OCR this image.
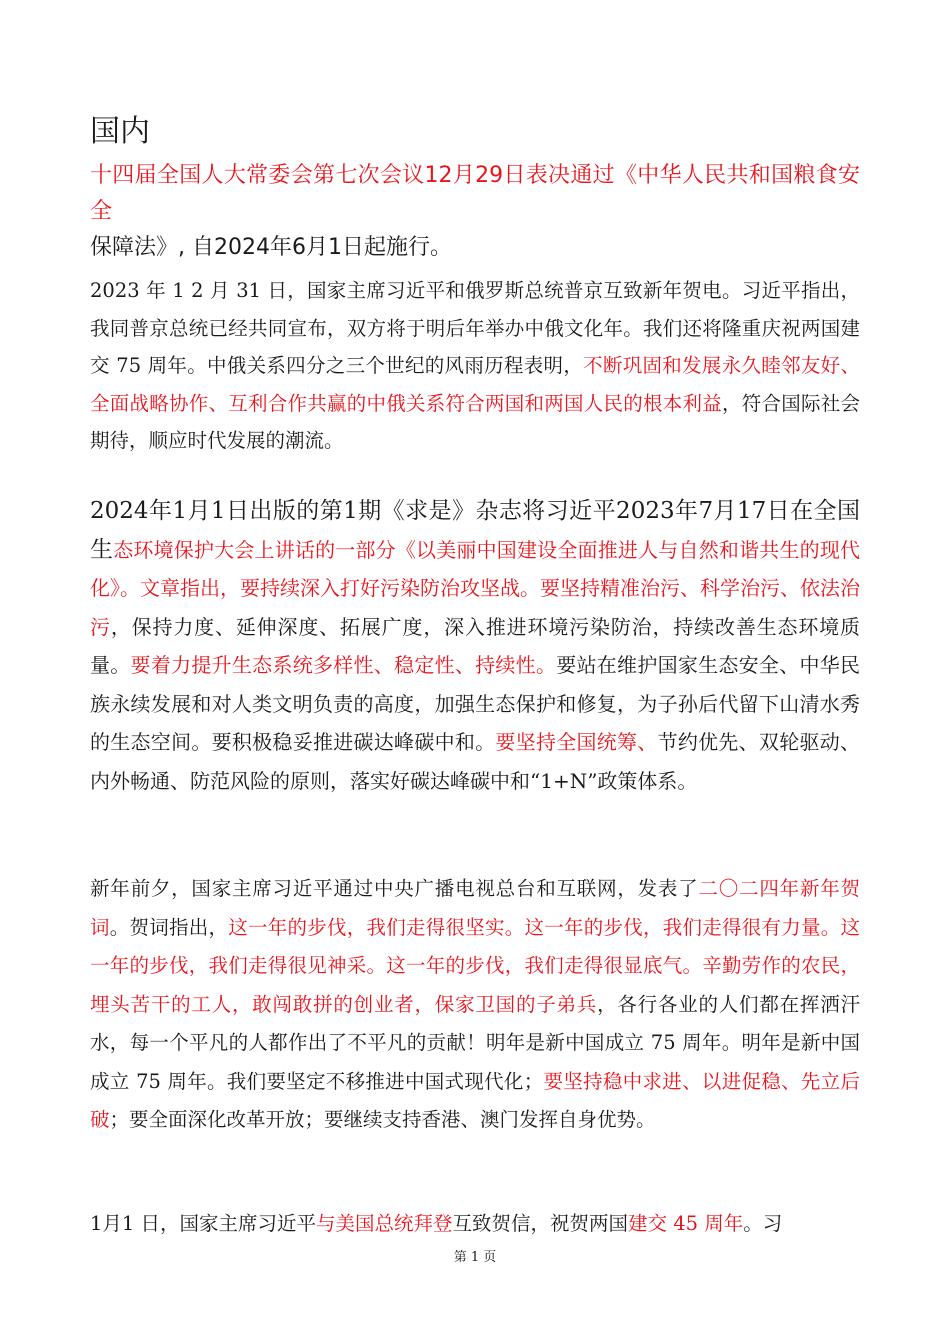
国内
十四届全国人大常委会第七次会议12月29日表决通过《中华人民共和国粮食安全
保障法》, 自2024年6月1日起施行。
2023 年 1 2 月 31 日，国家主席习近平和俄罗斯总统普京互致新年贺电。习近平指出，我同普京总统已经共同宣布，双方将于明后年举办中俄文化年。我们还将隆重庆祝两国建交 75 周年。中俄关系四分之三个世纪的风雨历程表明，不断巩固和发展永久睦邻友好、全面战略协作、互利合作共赢的中俄关系符合两国和两国人民的根本利益，符合国际社会期待，顺应时代发展的潮流。
2024年1月1日出版的第1期《求是》杂志将习近平2023年7月17日在全国生态环境保护大会上讲话的一部分《以美丽中国建设全面推进人与自然和谐共生的现代化》。文章指出，要持续深入打好污染防治攻坚战。要坚持精准治污、科学治污、依法治污，保持力度、延伸深度、拓展广度，深入推进环境污染防治，持续改善生态环境质量。要着力提升生态系统多样性、稳定性、持续性。要站在维护国家生态安全、中华民族永续发展和对人类文明负责的高度，加强生态保护和修复，为子孙后代留下山清水秀的生态空间。要积极稳妥推进碳达峰碳中和。要坚持全国统筹、节约优先、双轮驱动、内外畅通、防范风险的原则，落实好碳达峰碳中和“1+N”政策体系。
新年前夕，国家主席习近平通过中央广播电视总台和互联网，发表了二〇二四年新年贺词。贺词指出，这一年的步伐，我们走得很坚实。这一年的步伐，我们走得很有力量。这一年的步伐，我们走得很见神采。这一年的步伐，我们走得很显底气。辛勤劳作的农民，埋头苦干的工人，敢闯敢拼的创业者，保家卫国的子弟兵，各行各业的人们都在挥洒汗水，每一个平凡的人都作出了不平凡的贡献！明年是新中国成立 75 周年。明年是新中国成立 75 周年。我们要坚定不移推进中国式现代化；要坚持稳中求进、以进促稳、先立后破；要全面深化改革开放；要继续支持香港、澳门发挥自身优势。
1月1 日，国家主席习近平与美国总统拜登互致贺信，祝贺两国建交 45 周年。习
第 1 页
